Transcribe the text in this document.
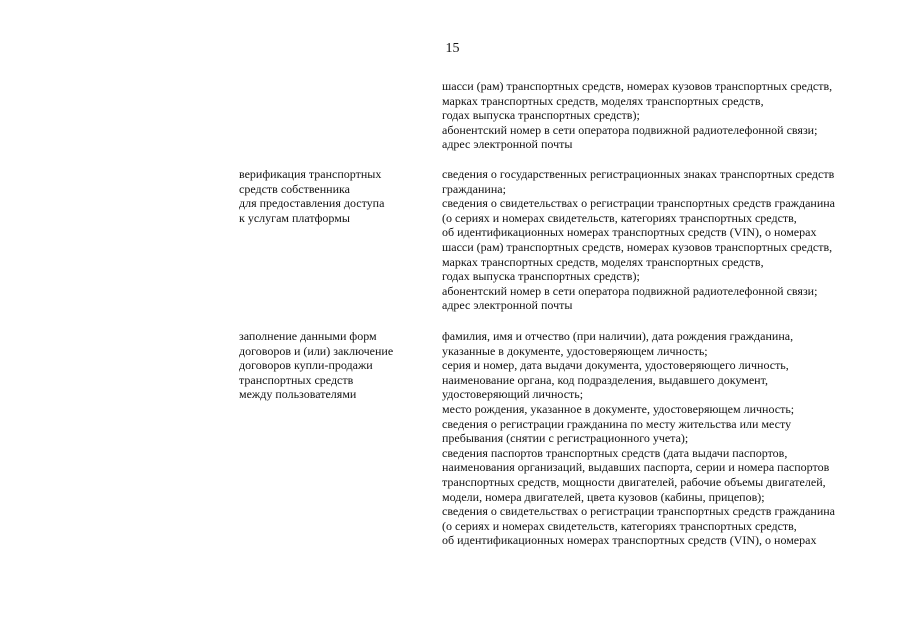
15
шасси (рам) транспортных средств, номерах кузовов транспортных средств,
марках транспортных средств, моделях транспортных средств,
годах выпуска транспортных средств);
абонентский номер в сети оператора подвижной радиотелефонной связи;
адрес электронной почты
верификация транспортных
средств собственника
для предоставления доступа
к услугам платформы
сведения о государственных регистрационных знаках транспортных средств
гражданина;
сведения о свидетельствах о регистрации транспортных средств гражданина
(о сериях и номерах свидетельств, категориях транспортных средств,
об идентификационных номерах транспортных средств (VIN), о номерах
шасси (рам) транспортных средств, номерах кузовов транспортных средств,
марках транспортных средств, моделях транспортных средств,
годах выпуска транспортных средств);
абонентский номер в сети оператора подвижной радиотелефонной связи;
адрес электронной почты
заполнение данными форм
договоров и (или) заключение
договоров купли-продажи
транспортных средств
между пользователями
фамилия, имя и отчество (при наличии), дата рождения гражданина,
указанные в документе, удостоверяющем личность;
серия и номер, дата выдачи документа, удостоверяющего личность,
наименование органа, код подразделения, выдавшего документ,
удостоверяющий личность;
место рождения, указанное в документе, удостоверяющем личность;
сведения о регистрации гражданина по месту жительства или месту
пребывания (снятии с регистрационного учета);
сведения паспортов транспортных средств (дата выдачи паспортов,
наименования организаций, выдавших паспорта, серии и номера паспортов
транспортных средств, мощности двигателей, рабочие объемы двигателей,
модели, номера двигателей, цвета кузовов (кабины, прицепов);
сведения о свидетельствах о регистрации транспортных средств гражданина
(о сериях и номерах свидетельств, категориях транспортных средств,
об идентификационных номерах транспортных средств (VIN), о номерах
